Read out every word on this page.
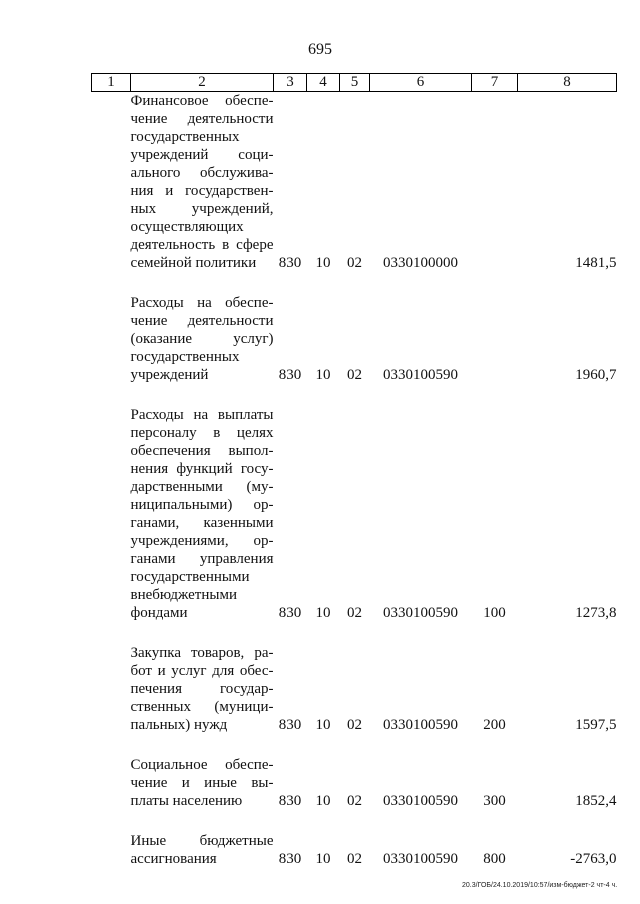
695
1	2	3	4	5	6	7	8
	Финансовое обеспечение деятельности государственных учреждений социального обслуживания и государственных учреждений, осуществляющих деятельность в сфере семейной политики	830	10	02	0330100000		1481,5

	Расходы на обеспечение деятельности (оказание услуг) государственных учреждений	830	10	02	0330100590		1960,7

	Расходы на выплаты персоналу в целях обеспечения выполнения функций государственными (муниципальными) органами, казенными учреждениями, органами управления государственными внебюджетными фондами	830	10	02	0330100590	100	1273,8

	Закупка товаров, работ и услуг для обеспечения государственных (муниципальных) нужд	830	10	02	0330100590	200	1597,5

	Социальное обеспечение и иные выплаты населению	830	10	02	0330100590	300	1852,4

	Иные бюджетные ассигнования	830	10	02	0330100590	800	-2763,0
20.3/ГОБ/24.10.2019/10:57/изм-бюджет-2 чт-4 ч.
